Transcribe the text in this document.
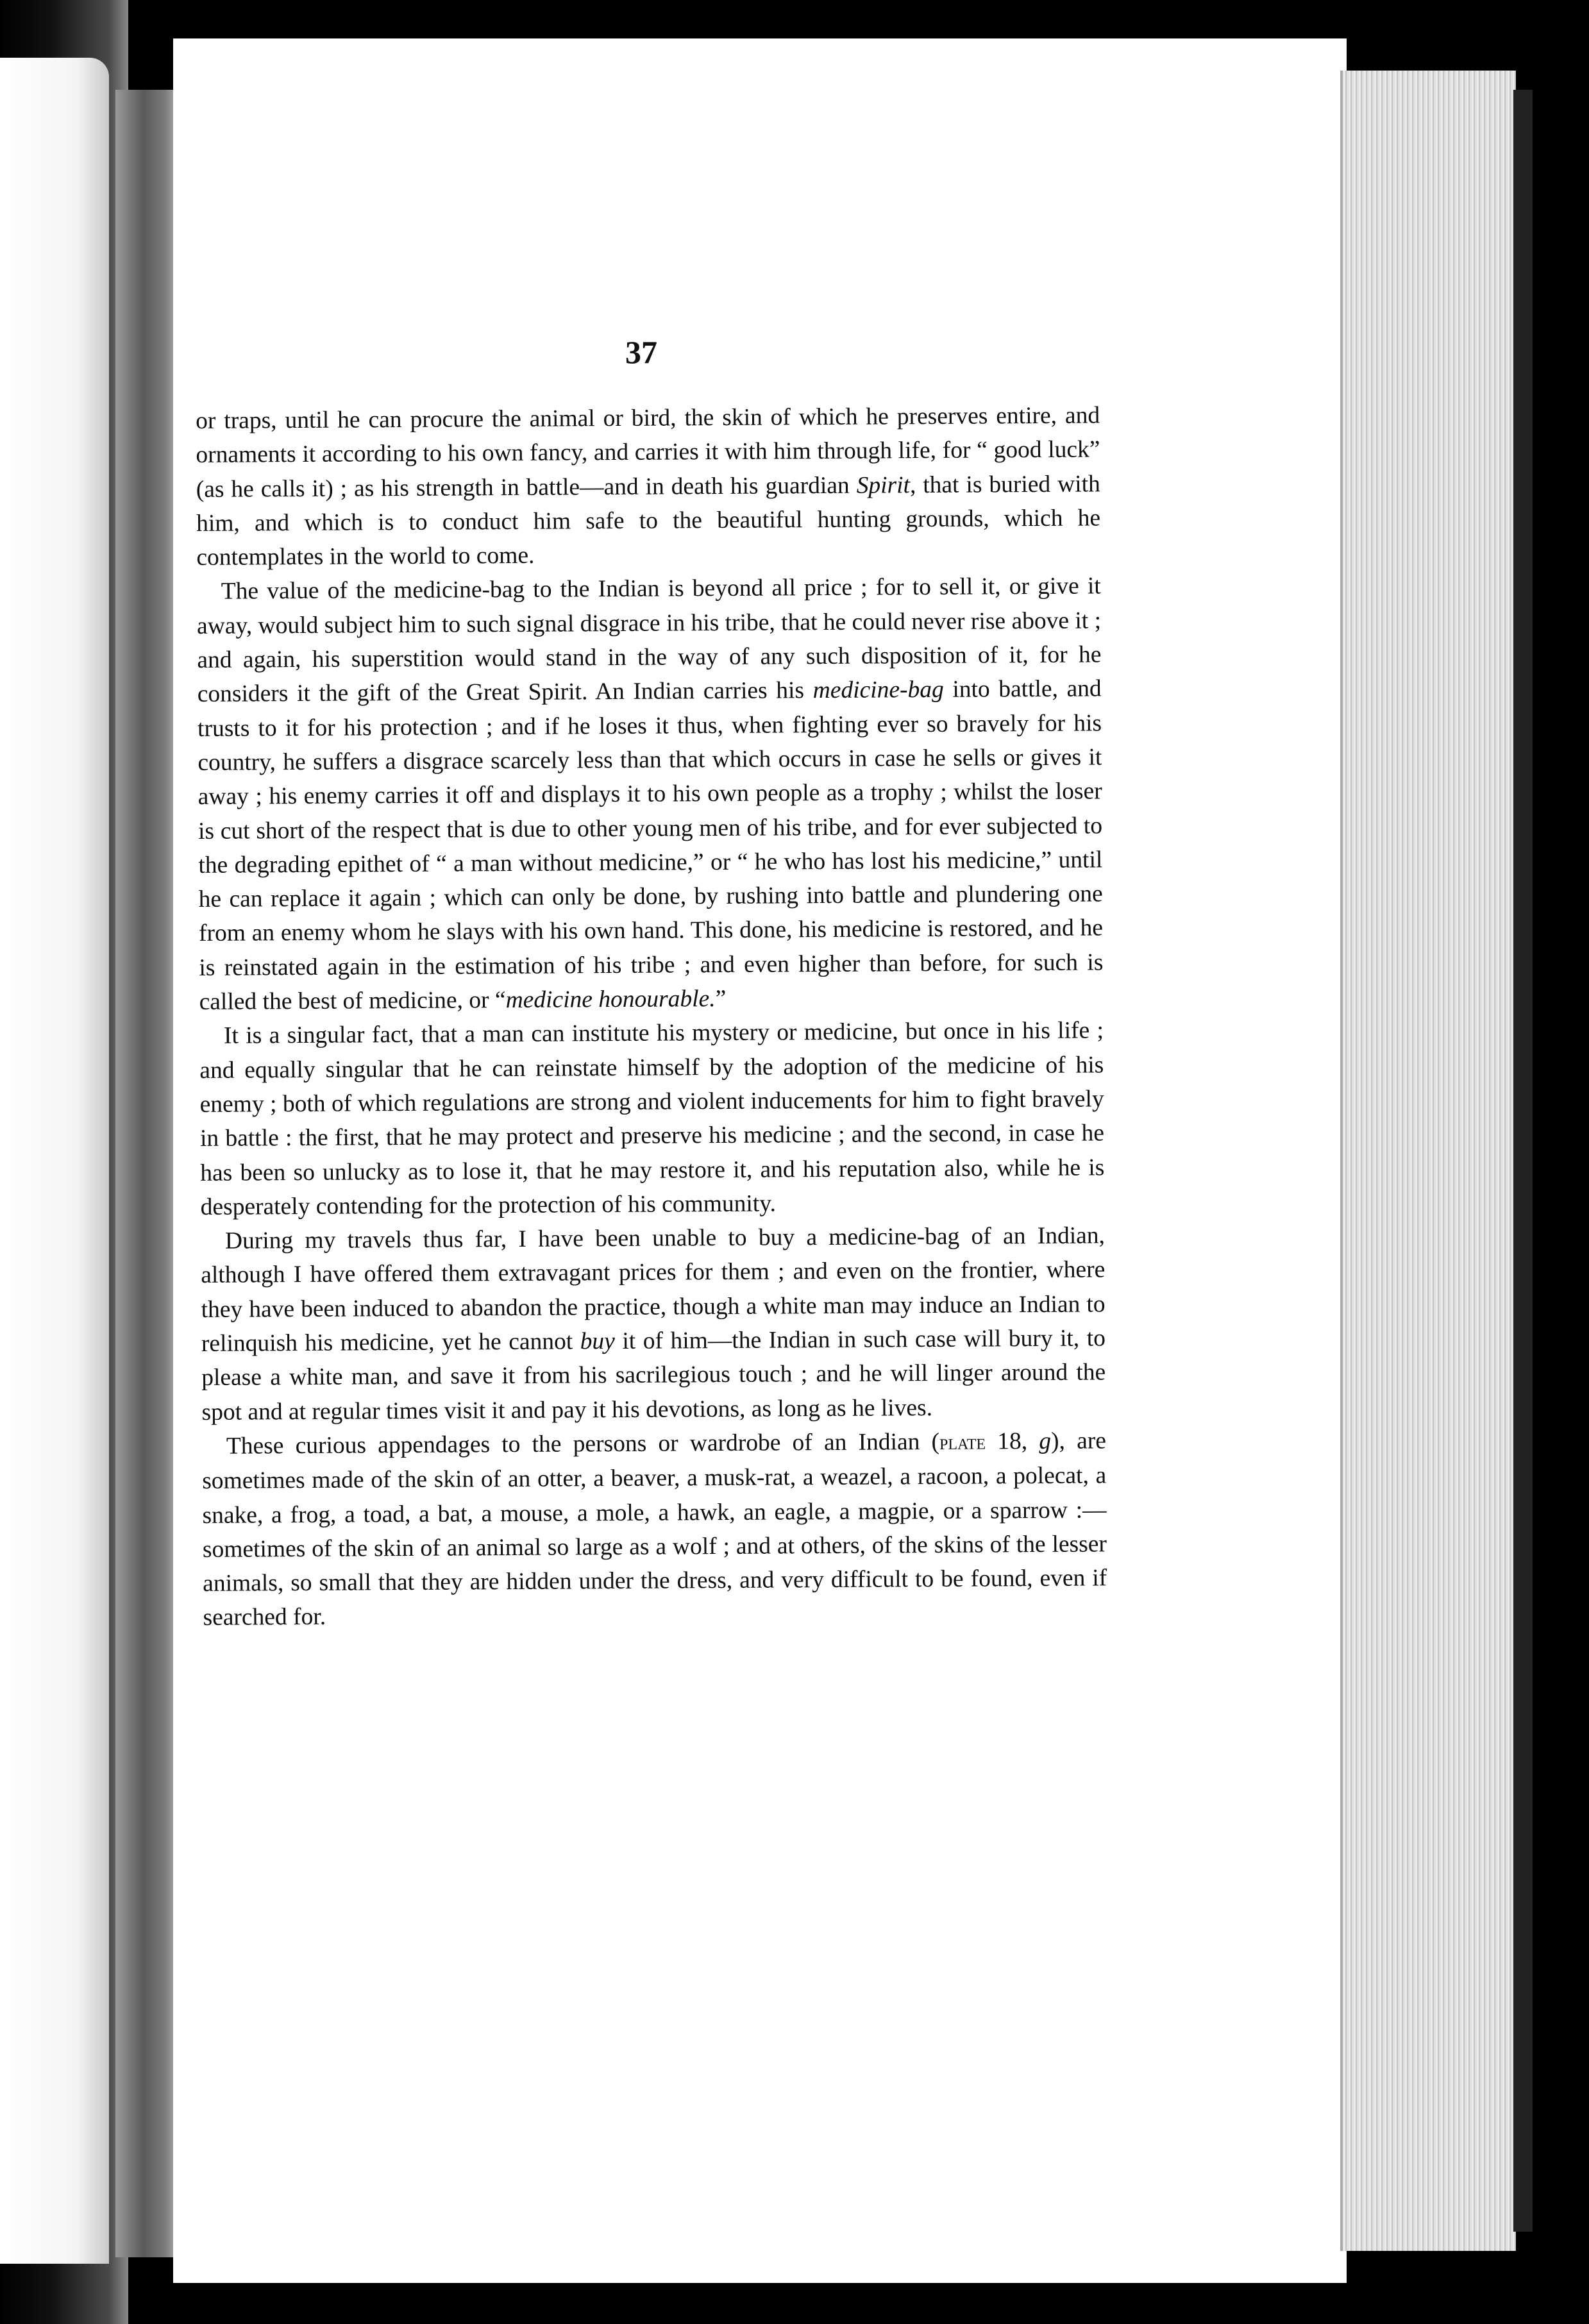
37

or traps, until he can procure the animal or bird, the skin of which he preserves entire, and ornaments it according to his own fancy, and carries it with him through life, for “ good luck” (as he calls it) ; as his strength in battle—and in death his guardian Spirit, that is buried with him, and which is to conduct him safe to the beautiful hunting grounds, which he contemplates in the world to come.

The value of the medicine-bag to the Indian is beyond all price ; for to sell it, or give it away, would subject him to such signal disgrace in his tribe, that he could never rise above it ; and again, his superstition would stand in the way of any such disposition of it, for he considers it the gift of the Great Spirit. An Indian carries his medicine-bag into battle, and trusts to it for his protection ; and if he loses it thus, when fighting ever so bravely for his country, he suffers a disgrace scarcely less than that which occurs in case he sells or gives it away ; his enemy carries it off and displays it to his own people as a trophy ; whilst the loser is cut short of the respect that is due to other young men of his tribe, and for ever subjected to the degrading epithet of “ a man without medicine,” or “ he who has lost his medicine,” until he can replace it again ; which can only be done, by rushing into battle and plundering one from an enemy whom he slays with his own hand. This done, his medicine is restored, and he is reinstated again in the estimation of his tribe ; and even higher than before, for such is called the best of medicine, or “medicine honourable.”

It is a singular fact, that a man can institute his mystery or medicine, but once in his life ; and equally singular that he can reinstate himself by the adoption of the medicine of his enemy ; both of which regulations are strong and violent inducements for him to fight bravely in battle : the first, that he may protect and preserve his medicine ; and the second, in case he has been so unlucky as to lose it, that he may restore it, and his reputation also, while he is desperately contending for the protection of his community.

During my travels thus far, I have been unable to buy a medicine-bag of an Indian, although I have offered them extravagant prices for them ; and even on the frontier, where they have been induced to abandon the practice, though a white man may induce an Indian to relinquish his medicine, yet he cannot buy it of him—the Indian in such case will bury it, to please a white man, and save it from his sacrilegious touch ; and he will linger around the spot and at regular times visit it and pay it his devotions, as long as he lives.

These curious appendages to the persons or wardrobe of an Indian (plate 18, g), are sometimes made of the skin of an otter, a beaver, a musk-rat, a weazel, a racoon, a polecat, a snake, a frog, a toad, a bat, a mouse, a mole, a hawk, an eagle, a magpie, or a sparrow :—sometimes of the skin of an animal so large as a wolf ; and at others, of the skins of the lesser animals, so small that they are hidden under the dress, and very difficult to be found, even if searched for.
